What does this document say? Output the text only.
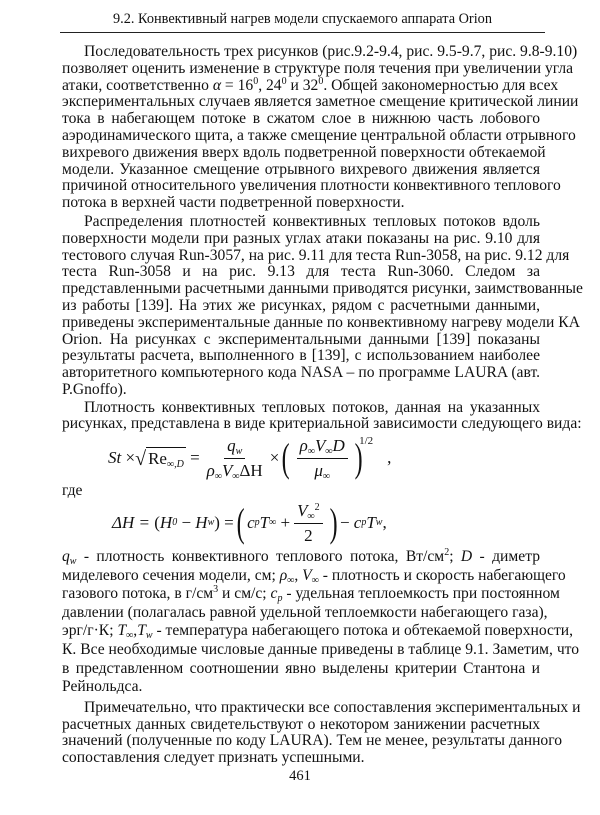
9.2. Конвективный нагрев модели спускаемого аппарата Orion
Последовательность трех рисунков (рис.9.2-9.4, рис. 9.5-9.7, рис. 9.8-9.10)
позволяет оценить изменение в структуре поля течения при увеличении угла
атаки, соответственно $\alpha = 16^0$, $24^0$ и $32^0$. Общей закономерностью для всех
экспериментальных случаев является заметное смещение критической линии
тока в набегающем потоке в сжатом слое в нижнюю часть лобового
аэродинамического щита, а также смещение центральной области отрывного
вихревого движения вверх вдоль подветренной поверхности обтекаемой
модели. Указанное смещение отрывного вихревого движения является
причиной относительного увеличения плотности конвективного теплового
потока в верхней части подветренной поверхности.
Распределения плотностей конвективных тепловых потоков вдоль
поверхности модели при разных углах атаки показаны на рис. 9.10 для
тестового случая Run-3057, на рис. 9.11 для теста Run-3058, на рис. 9.12 для
теста Run-3058 и на рис. 9.13 для теста Run-3060. Следом за
представленными расчетными данными приводятся рисунки, заимствованные
из работы [139]. На этих же рисунках, рядом с расчетными данными,
приведены экспериментальные данные по конвективному нагреву модели КА
Orion. На рисунках с экспериментальными данными [139] показаны
результаты расчета, выполненного в [139], с использованием наиболее
авторитетного компьютерного кода NASA – по программе LAURA (авт.
P.Gnoffo).
Плотность конвективных тепловых потоков, данная на указанных
рисунках, представлена в виде критериальной зависимости следующего вида:
St
× √ $Re_{\infty,D}$
= $\frac{q_w}{\rho_\infty V_\infty\Delta H}$ × ( $\frac{\rho_\infty V_\infty D}{\mu_\infty}$ )
1/2
,
где
ΔH =
( H 0
−
H w )
= ( c p T ∞
+ $\frac{V_\infty^2}{2}$ ) −
c p T w ,
$q_w$ - плотность конвективного теплового потока, $Вт/см^2$; D - диметр
миделевого сечения модели, см; $\rho_\infty$, $V_\infty$ - плотность и скорость набегающего
газового потока, в $г/см^3$ и см/с; $c_p$ - удельная теплоемкость при постоянном
давлении (полагалась равной удельной теплоемкости набегающего газа),
эрг/г·К; $T_\infty,T_w$ - температура набегающего потока и обтекаемой поверхности,
К. Все необходимые числовые данные приведены в таблице 9.1. Заметим, что
в представленном соотношении явно выделены критерии Стантона и
Рейнольдса.
Примечательно, что практически все сопоставления экспериментальных и
расчетных данных свидетельствуют о некотором занижении расчетных
значений (полученные по коду LAURA). Тем не менее, результаты данного
сопоставления следует признать успешными.
461
